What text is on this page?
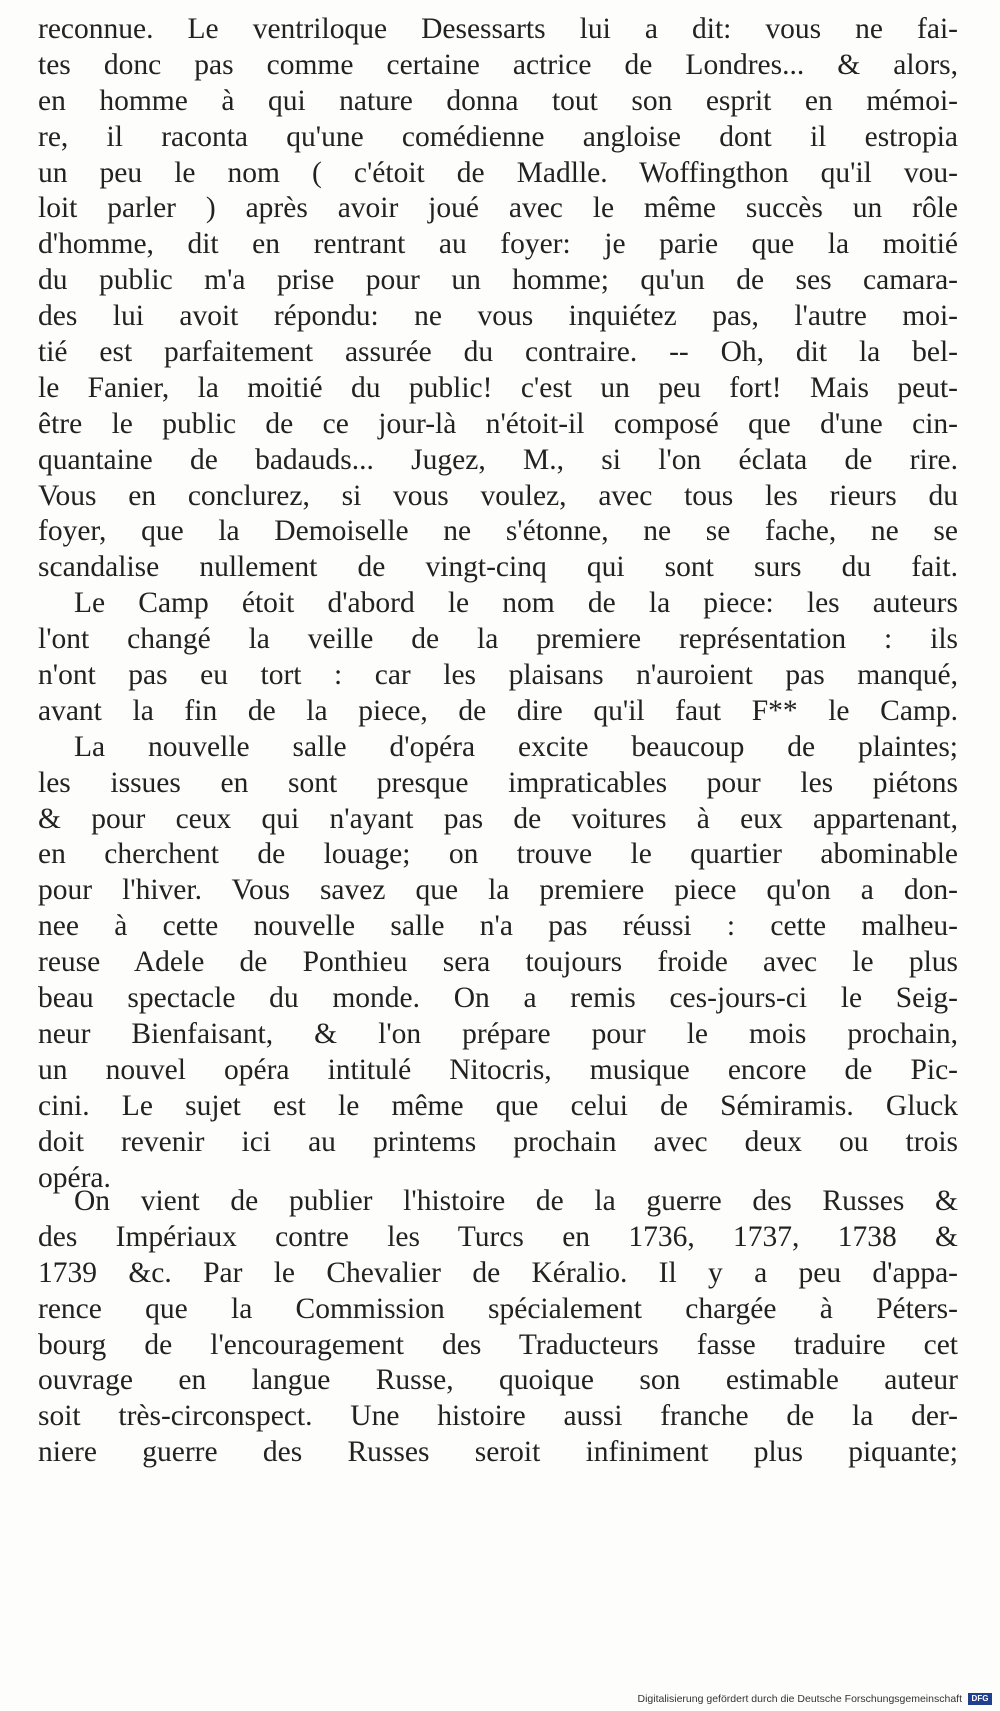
reconnue. Le ventriloque Desessarts lui a dit: vous ne fai-
tes donc pas comme certaine actrice de Londres... & alors,
en homme à qui nature donna tout son esprit en mémoi-
re, il raconta qu'une comédienne angloise dont il estropia
un peu le nom ( c'étoit de Madlle. Woffingthon qu'il vou-
loit parler ) après avoir joué avec le même succès un rôle
d'homme, dit en rentrant au foyer: je parie que la moitié
du public m'a prise pour un homme; qu'un de ses camara-
des lui avoit répondu: ne vous inquiétez pas, l'autre moi-
tié est parfaitement assurée du contraire. -- Oh, dit la bel-
le Fanier, la moitié du public! c'est un peu fort! Mais peut-
être le public de ce jour-là n'étoit-il composé que d'une cin-
quantaine de badauds... Jugez, M., si l'on éclata de rire.
Vous en conclurez, si vous voulez, avec tous les rieurs du
foyer, que la Demoiselle ne s'étonne, ne se fache, ne se
scandalise nullement de vingt-cinq qui sont surs du fait.
Le Camp étoit d'abord le nom de la piece: les auteurs
l'ont changé la veille de la premiere représentation : ils
n'ont pas eu tort : car les plaisans n'auroient pas manqué,
avant la fin de la piece, de dire qu'il faut F** le Camp.
La nouvelle salle d'opéra excite beaucoup de plaintes;
les issues en sont presque impraticables pour les piétons
& pour ceux qui n'ayant pas de voitures à eux appartenant,
en cherchent de louage; on trouve le quartier abominable
pour l'hiver. Vous savez que la premiere piece qu'on a don-
nee à cette nouvelle salle n'a pas réussi : cette malheu-
reuse Adele de Ponthieu sera toujours froide avec le plus
beau spectacle du monde. On a remis ces-jours-ci le Seig-
neur Bienfaisant, & l'on prépare pour le mois prochain,
un nouvel opéra intitulé Nitocris, musique encore de Pic-
cini. Le sujet est le même que celui de Sémiramis. Gluck
doit revenir ici au printems prochain avec deux ou trois
opéra.
On vient de publier l'histoire de la guerre des Russes &
des Impériaux contre les Turcs en 1736, 1737, 1738 &
1739 &c. Par le Chevalier de Kéralio. Il y a peu d'appa-
rence que la Commission spécialement chargée à Péters-
bourg de l'encouragement des Traducteurs fasse traduire cet
ouvrage en langue Russe, quoique son estimable auteur
soit très-circonspect. Une histoire aussi franche de la der-
niere guerre des Russes seroit infiniment plus piquante;
Digitalisierung gefördert durch die Deutsche Forschungsgemeinschaft	DFG
